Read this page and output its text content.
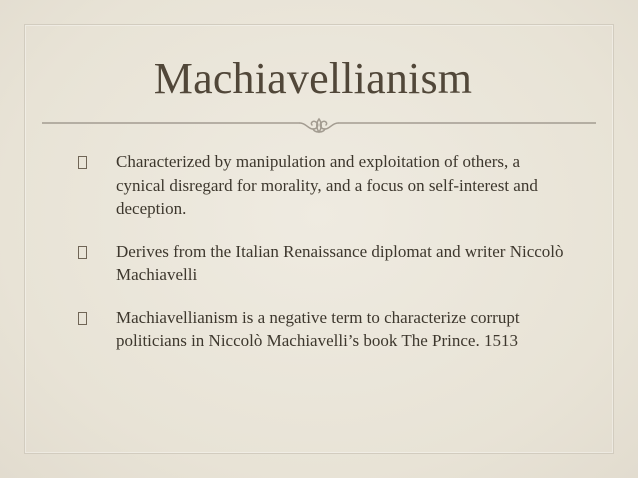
Machiavellianism
Characterized by manipulation and exploitation of others, a cynical disregard for morality, and a focus on self-interest and deception.
Derives from the Italian Renaissance diplomat and writer Niccolò Machiavelli
Machiavellianism is a negative term to characterize corrupt politicians in Niccolò Machiavelli’s book The Prince. 1513
